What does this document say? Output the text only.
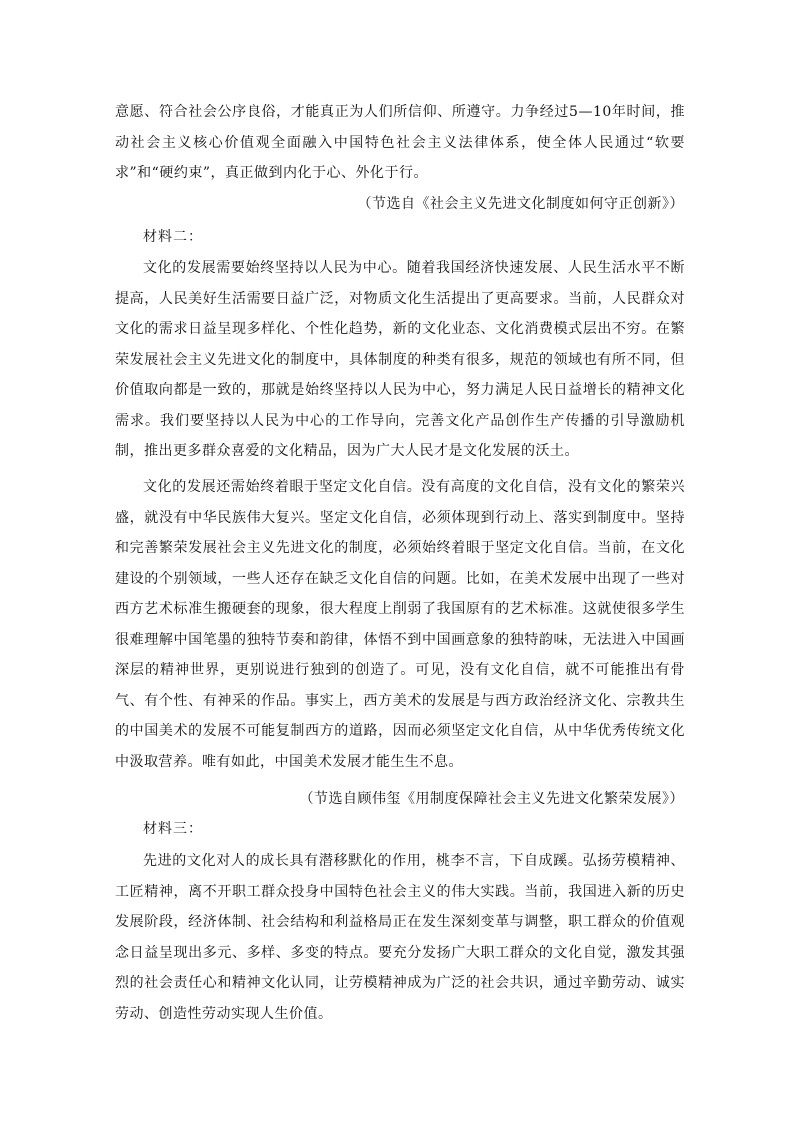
意愿、符合社会公序良俗，才能真正为人们所信仰、所遵守。力争经过5—10年时间，推动社会主义核心价值观全面融入中国特色社会主义法律体系，使全体人民通过“软要求”和“硬约束”，真正做到内化于心、外化于行。

（节选自《社会主义先进文化制度如何守正创新》）

材料二：

文化的发展需要始终坚持以人民为中心。随着我国经济快速发展、人民生活水平不断提高，人民美好生活需要日益广泛，对物质文化生活提出了更高要求。当前，人民群众对文化的需求日益呈现多样化、个性化趋势，新的文化业态、文化消费模式层出不穷。在繁荣发展社会主义先进文化的制度中，具体制度的种类有很多，规范的领域也有所不同，但价值取向都是一致的，那就是始终坚持以人民为中心，努力满足人民日益增长的精神文化需求。我们要坚持以人民为中心的工作导向，完善文化产品创作生产传播的引导激励机制，推出更多群众喜爱的文化精品，因为广大人民才是文化发展的沃土。

文化的发展还需始终着眼于坚定文化自信。没有高度的文化自信，没有文化的繁荣兴盛，就没有中华民族伟大复兴。坚定文化自信，必须体现到行动上、落实到制度中。坚持和完善繁荣发展社会主义先进文化的制度，必须始终着眼于坚定文化自信。当前，在文化建设的个别领域，一些人还存在缺乏文化自信的问题。比如，在美术发展中出现了一些对西方艺术标准生搬硬套的现象，很大程度上削弱了我国原有的艺术标准。这就使很多学生很难理解中国笔墨的独特节奏和韵律，体悟不到中国画意象的独特韵味，无法进入中国画深层的精神世界，更别说进行独到的创造了。可见，没有文化自信，就不可能推出有骨气、有个性、有神采的作品。事实上，西方美术的发展是与西方政治经济文化、宗教共生的中国美术的发展不可能复制西方的道路，因而必须坚定文化自信，从中华优秀传统文化中汲取营养。唯有如此，中国美术发展才能生生不息。

（节选自顾伟玺《用制度保障社会主义先进文化繁荣发展》）

材料三：

先进的文化对人的成长具有潜移默化的作用，桃李不言，下自成蹊。弘扬劳模精神、工匠精神，离不开职工群众投身中国特色社会主义的伟大实践。当前，我国进入新的历史发展阶段，经济体制、社会结构和利益格局正在发生深刻变革与调整，职工群众的价值观念日益呈现出多元、多样、多变的特点。要充分发扬广大职工群众的文化自觉，激发其强烈的社会责任心和精神文化认同，让劳模精神成为广泛的社会共识，通过辛勤劳动、诚实劳动、创造性劳动实现人生价值。
